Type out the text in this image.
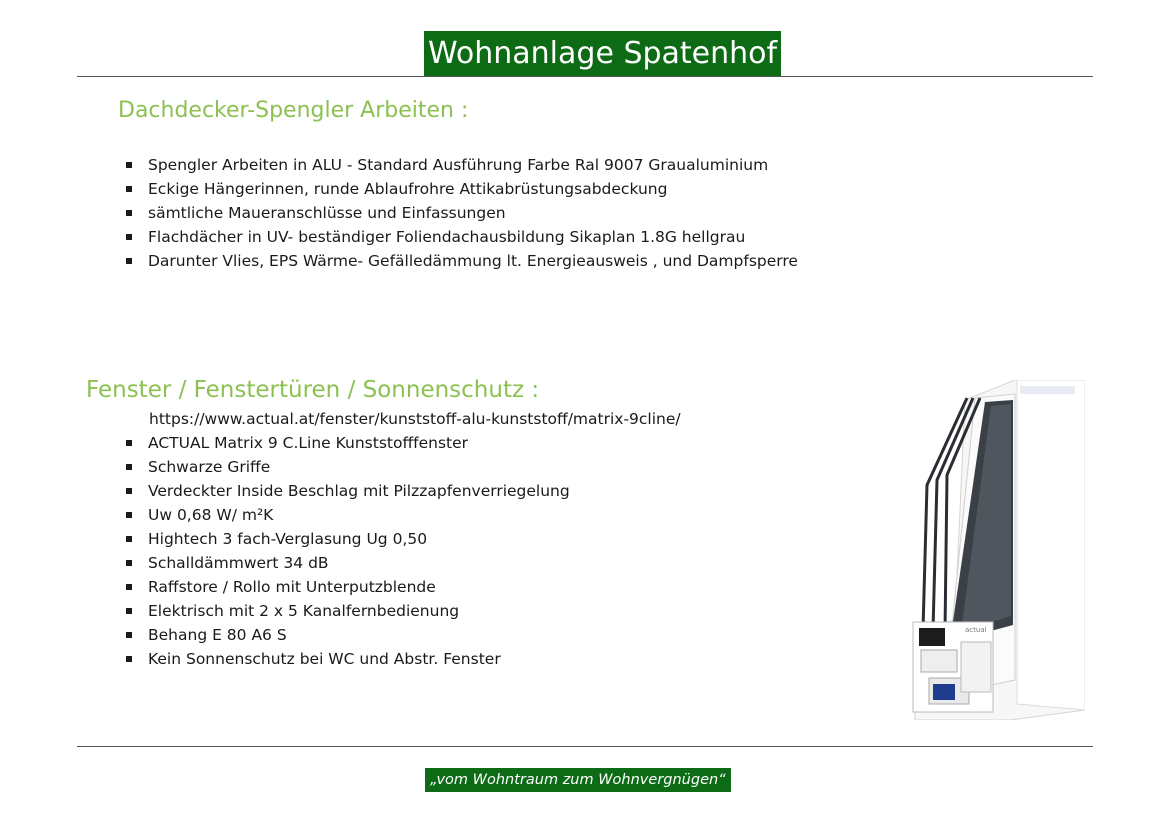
Wohnanlage Spatenhof
Dachdecker-Spengler Arbeiten :
Spengler Arbeiten in ALU - Standard Ausführung Farbe Ral 9007 Graualuminium
Eckige Hängerinnen, runde Ablaufrohre Attikabrüstungsabdeckung
sämtliche Maueranschlüsse und Einfassungen
Flachdächer in UV- beständiger Foliendachausbildung Sikaplan 1.8G hellgrau
Darunter Vlies, EPS Wärme- Gefälledämmung lt. Energieausweis , und Dampfsperre
Fenster / Fenstertüren / Sonnenschutz :
https://www.actual.at/fenster/kunststoff-alu-kunststoff/matrix-9cline/
ACTUAL Matrix 9 C.Line Kunststofffenster
Schwarze Griffe
Verdeckter Inside Beschlag mit Pilzzapfenverriegelung
Uw 0,68 W/ m²K
Hightech 3 fach-Verglasung Ug 0,50
Schalldämmwert 34 dB
Raffstore / Rollo mit Unterputzblende
Elektrisch mit 2 x 5 Kanalfernbedienung
Behang E 80 A6 S
Kein Sonnenschutz bei WC und Abstr. Fenster
actual
„vom Wohntraum zum Wohnvergnügen“
